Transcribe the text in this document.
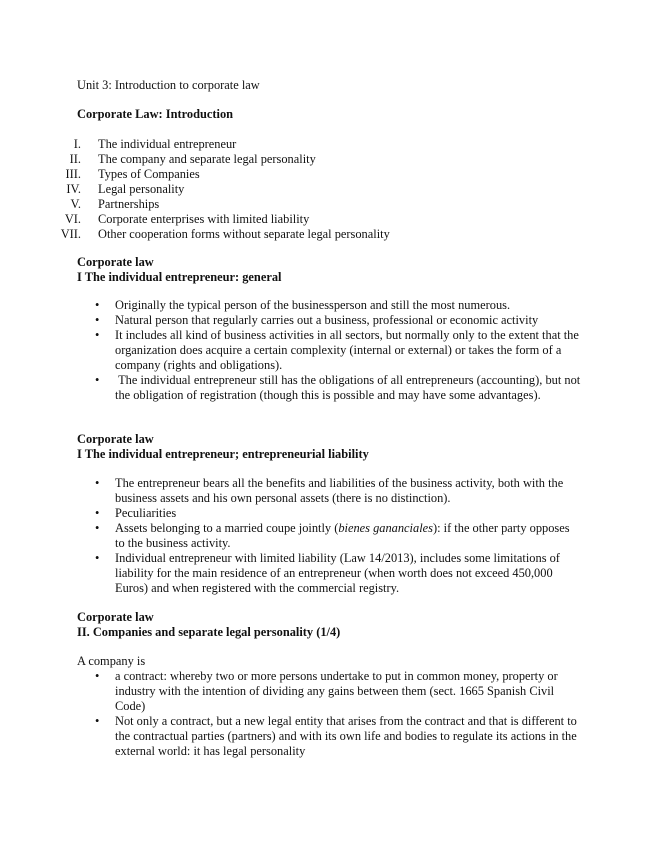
Unit 3: Introduction to corporate law
Corporate Law: Introduction
I.	The individual entrepreneur
II.	The company and separate legal personality
III.	Types of Companies
IV.	Legal personality
V.	Partnerships
VI.	Corporate enterprises with limited liability
VII.	Other cooperation forms without separate legal personality
Corporate law
I The individual entrepreneur: general
•	Originally the typical person of the businessperson and still the most numerous.
•	Natural person that regularly carries out a business, professional or economic activity
•	It includes all kind of business activities in all sectors, but normally only to the extent that the organization does acquire a certain complexity (internal or external) or takes the form of a company (rights and obligations).
•	The individual entrepreneur still has the obligations of all entrepreneurs (accounting), but not the obligation of registration (though this is possible and may have some advantages).
Corporate law
I The individual entrepreneur; entrepreneurial liability
•	The entrepreneur bears all the benefits and liabilities of the business activity, both with the business assets and his own personal assets (there is no distinction).
•	Peculiarities
•	Assets belonging to a married coupe jointly (bienes gananciales): if the other party opposes to the business activity.
•	Individual entrepreneur with limited liability (Law 14/2013), includes some limitations of liability for the main residence of an entrepreneur (when worth does not exceed 450,000 Euros) and when registered with the commercial registry.
Corporate law
II. Companies and separate legal personality (1/4)
A company is
•	a contract: whereby two or more persons undertake to put in common money, property or industry with the intention of dividing any gains between them (sect. 1665 Spanish Civil Code)
•	Not only a contract, but a new legal entity that arises from the contract and that is different to the contractual parties (partners) and with its own life and bodies to regulate its actions in the external world: it has legal personality
